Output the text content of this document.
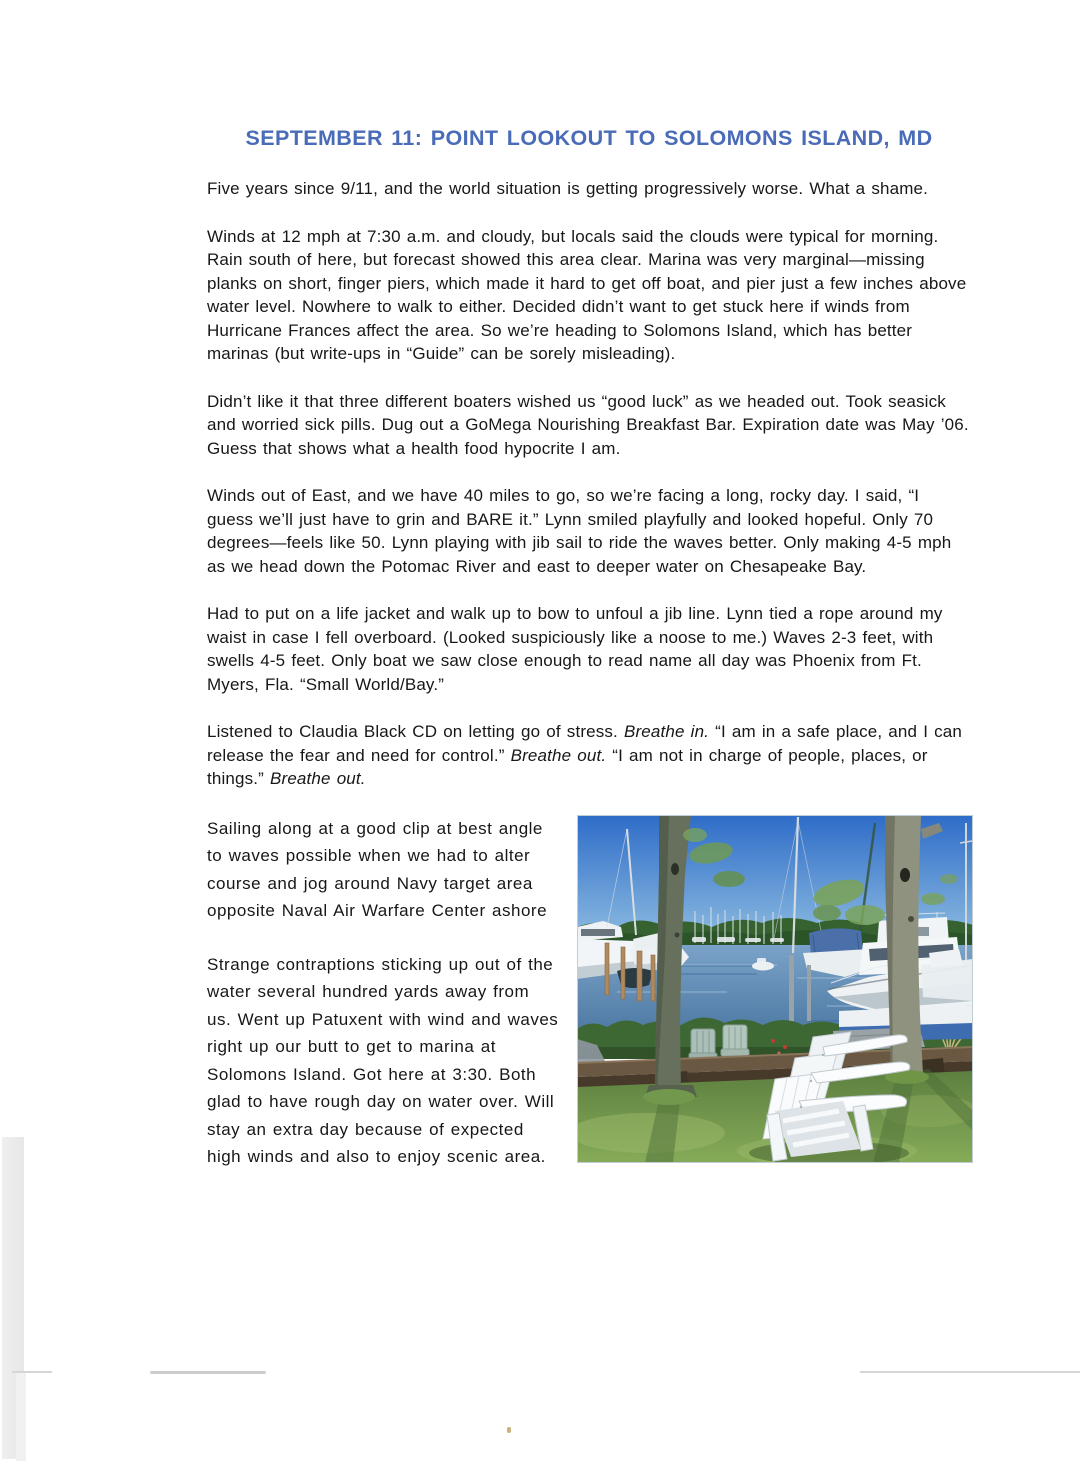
SEPTEMBER 11: POINT LOOKOUT TO SOLOMONS ISLAND, MD

Five years since 9/11, and the world situation is getting progressively worse. What a shame.

Winds at 12 mph at 7:30 a.m. and cloudy, but locals said the clouds were typical for morning. Rain south of here, but forecast showed this area clear. Marina was very marginal—missing planks on short, finger piers, which made it hard to get off boat, and pier just a few inches above water level. Nowhere to walk to either. Decided didn’t want to get stuck here if winds from Hurricane Frances affect the area. So we’re heading to Solomons Island, which has better marinas (but write-ups in “Guide” can be sorely misleading).

Didn’t like it that three different boaters wished us “good luck” as we headed out. Took seasick and worried sick pills. Dug out a GoMega Nourishing Breakfast Bar. Expiration date was May ’06. Guess that shows what a health food hypocrite I am.

Winds out of East, and we have 40 miles to go, so we’re facing a long, rocky day. I said, “I guess we’ll just have to grin and BARE it.” Lynn smiled playfully and looked hopeful. Only 70 degrees—feels like 50. Lynn playing with jib sail to ride the waves better. Only making 4-5 mph as we head down the Potomac River and east to deeper water on Chesapeake Bay.

Had to put on a life jacket and walk up to bow to unfoul a jib line. Lynn tied a rope around my waist in case I fell overboard. (Looked suspiciously like a noose to me.) Waves 2-3 feet, with swells 4-5 feet. Only boat we saw close enough to read name all day was Phoenix from Ft. Myers, Fla. “Small World/Bay.”

Listened to Claudia Black CD on letting go of stress. Breathe in. “I am in a safe place, and I can release the fear and need for control.” Breathe out. “I am not in charge of people, places, or things.” Breathe out.

Sailing along at a good clip at best angle to waves possible when we had to alter course and jog around Navy target area opposite Naval Air Warfare Center ashore

Strange contraptions sticking up out of the water several hundred yards away from us. Went up Patuxent with wind and waves right up our butt to get to marina at Solomons Island. Got here at 3:30. Both glad to have rough day on water over. Will stay an extra day because of expected high winds and also to enjoy scenic area.
